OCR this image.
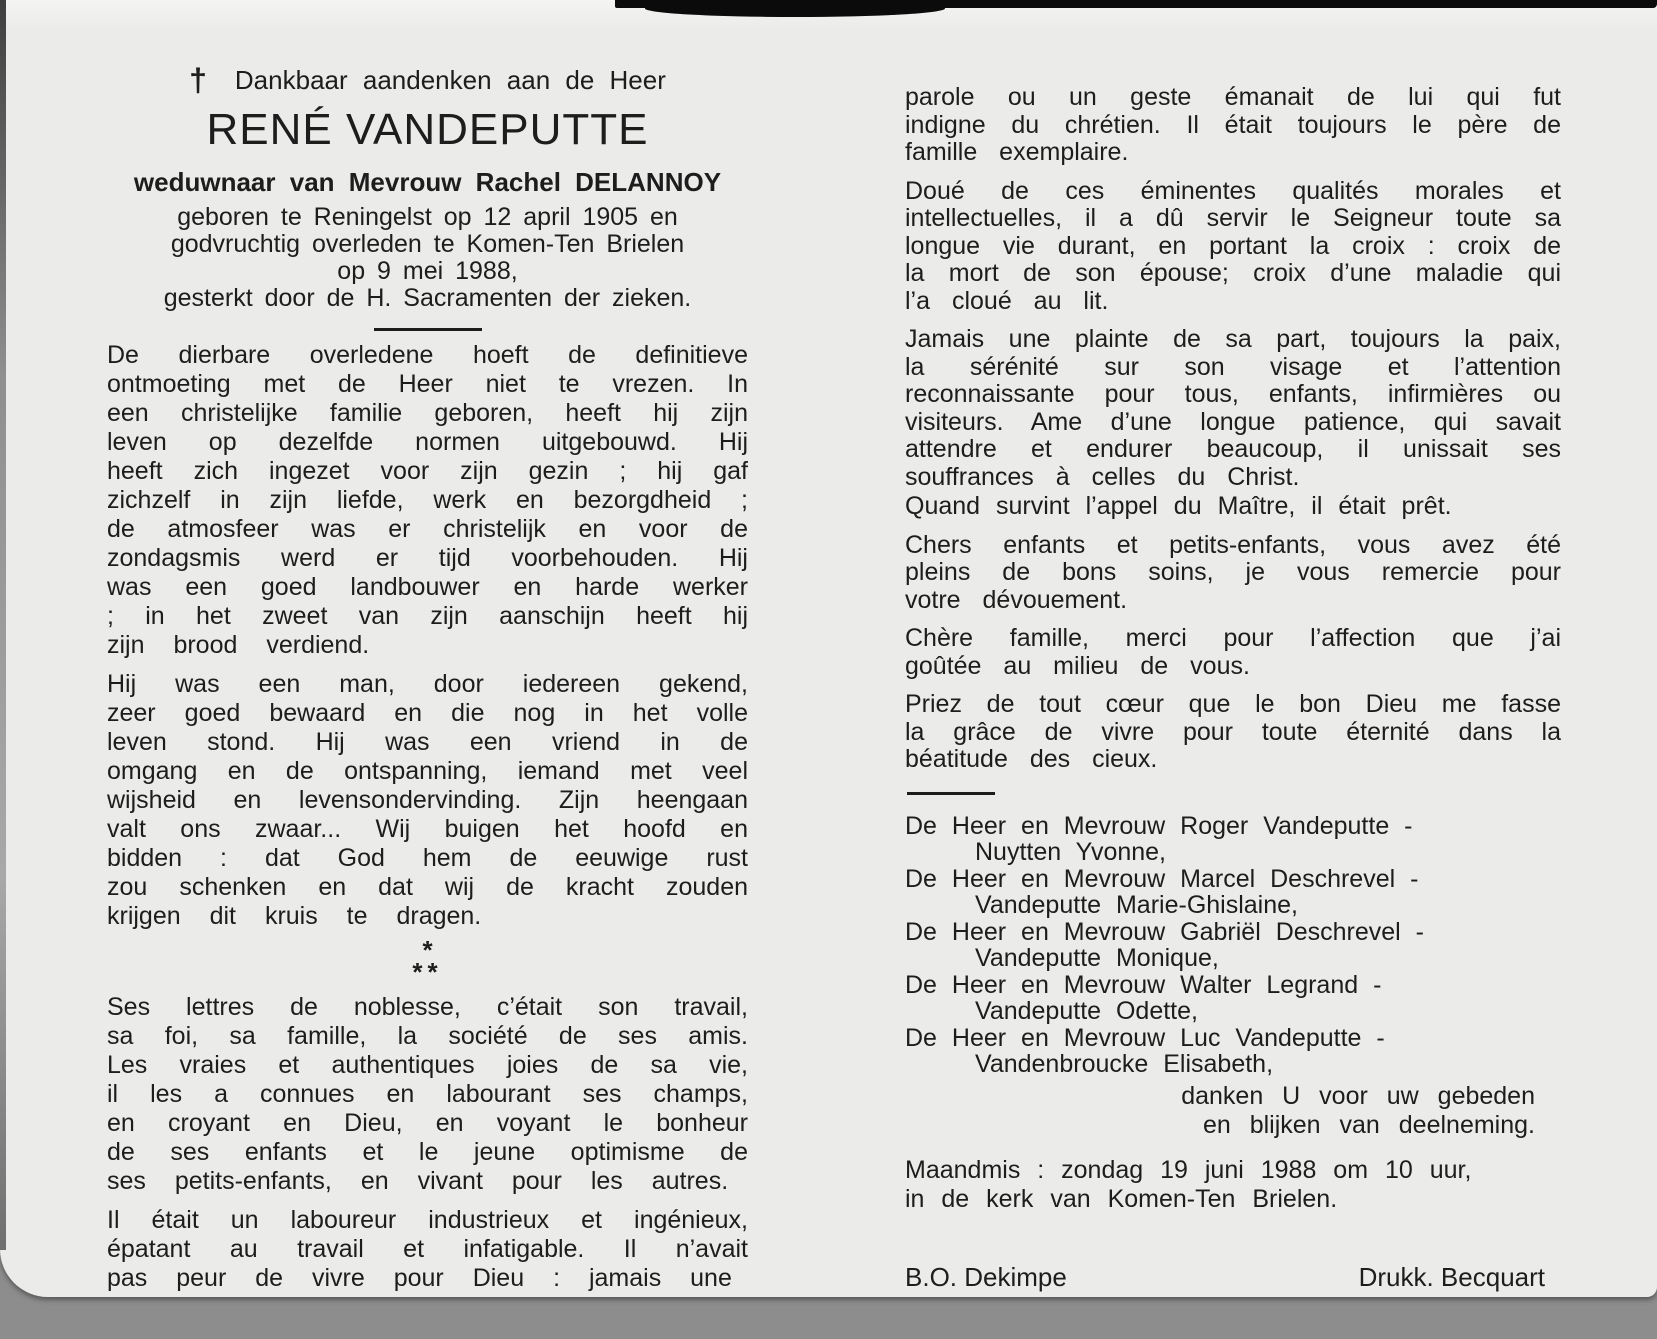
† Dankbaar aandenken aan de Heer
RENÉ VANDEPUTTE
weduwnaar van Mevrouw Rachel DELANNOY
geboren te Reningelst op 12 april 1905 en
godvruchtig overleden te Komen-Ten Brielen
op 9 mei 1988,
gesterkt door de H. Sacramenten der zieken.

De dierbare overledene hoeft de definitieve ontmoeting met de Heer niet te vrezen. In een christelijke familie geboren, heeft hij zijn leven op dezelfde normen uitgebouwd. Hij heeft zich ingezet voor zijn gezin ; hij gaf zichzelf in zijn liefde, werk en bezorgdheid ; de atmosfeer was er christelijk en voor de zondagsmis werd er tijd voorbehouden. Hij was een goed landbouwer en harde werker ; in het zweet van zijn aanschijn heeft hij zijn brood verdiend.

Hij was een man, door iedereen gekend, zeer goed bewaard en die nog in het volle leven stond. Hij was een vriend in de omgang en de ontspanning, iemand met veel wijsheid en levensondervinding. Zijn heengaan valt ons zwaar... Wij buigen het hoofd en bidden : dat God hem de eeuwige rust zou schenken en dat wij de kracht zouden krijgen dit kruis te dragen.

*
**

Ses lettres de noblesse, c’était son travail, sa foi, sa famille, la société de ses amis. Les vraies et authentiques joies de sa vie, il les a connues en labourant ses champs, en croyant en Dieu, en voyant le bonheur de ses enfants et le jeune optimisme de ses petits-enfants, en vivant pour les autres.

Il était un laboureur industrieux et ingénieux, épatant au travail et infatigable. Il n’avait pas peur de vivre pour Dieu : jamais une

parole ou un geste émanait de lui qui fut indigne du chrétien. Il était toujours le père de famille exemplaire.

Doué de ces éminentes qualités morales et intellectuelles, il a dû servir le Seigneur toute sa longue vie durant, en portant la croix : croix de la mort de son épouse; croix d’une maladie qui l’a cloué au lit.

Jamais une plainte de sa part, toujours la paix, la sérénité sur son visage et l’attention reconnaissante pour tous, enfants, infirmières ou visiteurs. Ame d’une longue patience, qui savait attendre et endurer beaucoup, il unissait ses souffrances à celles du Christ.

Quand survint l’appel du Maître, il était prêt.

Chers enfants et petits-enfants, vous avez été pleins de bons soins, je vous remercie pour votre dévouement.

Chère famille, merci pour l’affection que j’ai goûtée au milieu de vous.

Priez de tout cœur que le bon Dieu me fasse la grâce de vivre pour toute éternité dans la béatitude des cieux.

De Heer en Mevrouw Roger Vandeputte -
Nuytten Yvonne,
De Heer en Mevrouw Marcel Deschrevel -
Vandeputte Marie-Ghislaine,
De Heer en Mevrouw Gabriël Deschrevel -
Vandeputte Monique,
De Heer en Mevrouw Walter Legrand -
Vandeputte Odette,
De Heer en Mevrouw Luc Vandeputte -
Vandenbroucke Elisabeth,
danken U voor uw gebeden
en blijken van deelneming.
Maandmis : zondag 19 juni 1988 om 10 uur,
in de kerk van Komen-Ten Brielen.
B.O. Dekimpe	Drukk. Becquart
